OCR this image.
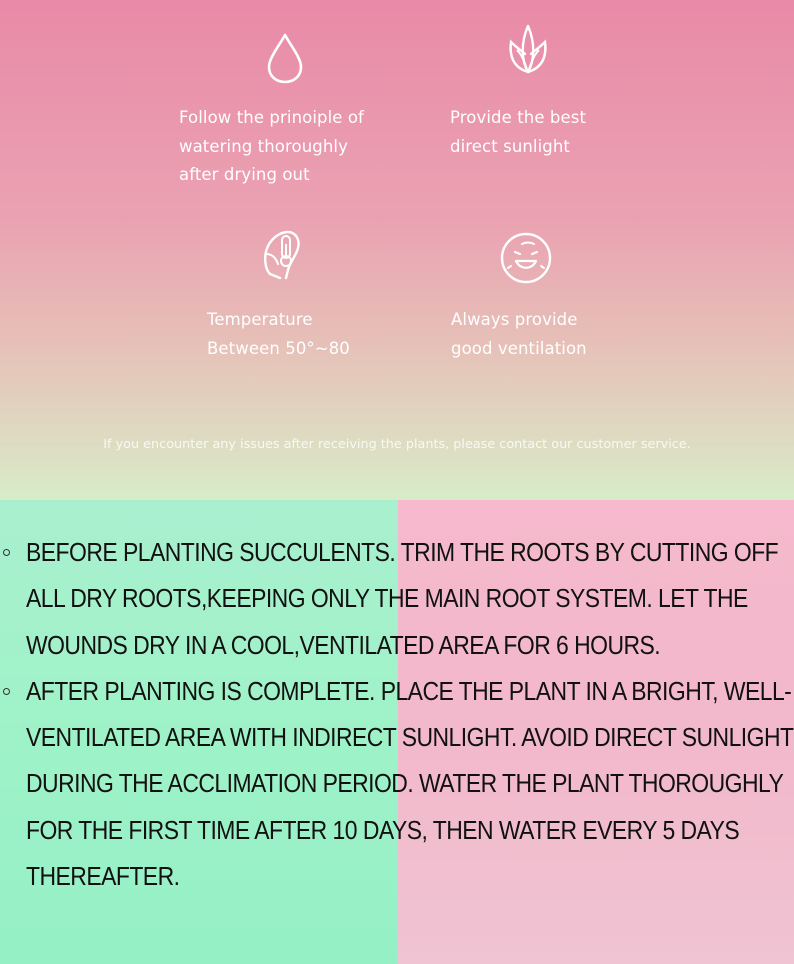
Follow the prinoiple of
watering thoroughly
after drying out
Provide the best
direct sunlight
Temperature
Between 50°~80
Always provide
good ventilation
If you encounter any issues after receiving the plants, please contact our customer service.
BEFORE PLANTING SUCCULENTS. TRIM THE ROOTS BY CUTTING OFF ALL DRY ROOTS,KEEPING ONLY THE MAIN ROOT SYSTEM. LET THE WOUNDS DRY IN A COOL,VENTILATED AREA FOR 6 HOURS.
AFTER PLANTING IS COMPLETE. PLACE THE PLANT IN A BRIGHT, WELL-VENTILATED AREA WITH INDIRECT SUNLIGHT. AVOID DIRECT SUNLIGHT DURING THE ACCLIMATION PERIOD. WATER THE PLANT THOROUGHLY FOR THE FIRST TIME AFTER 10 DAYS, THEN WATER EVERY 5 DAYS THEREAFTER.
